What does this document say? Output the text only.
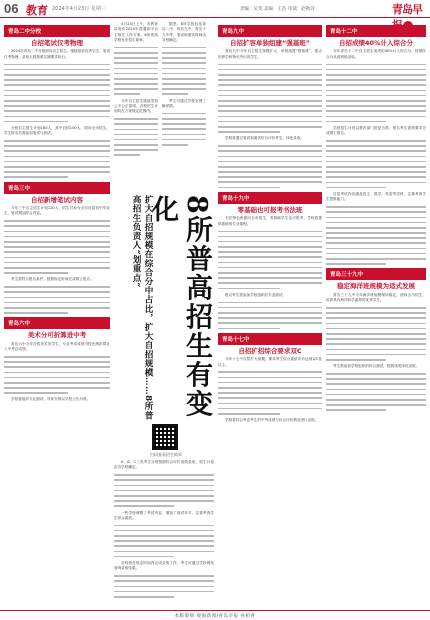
06 教育 2024年4月23日 星期三	责编：吴雯 美编：王浩 审读：赵秋萍	青岛早
青岛二中分校
自招笔试仅考物理

2024年青岛二中分校面向自主招生，继续招收优秀学生，笔试仅考物理，录取人数按照名额要求执行。

分校自主招生计划180人，其中自招100人，面向全市招生。学生报名后需参加笔试与面试。

青岛三中
自招新增笔试内容

今年三中自主招生计划120人，招生对象为全市应届初中毕业生，笔试增加综合内容。

考生需符合报名条件，按照规定时间完成网上报名。

青岛六中
美术分可折算进中考

青岛六中今年自招美术类学生，专业考试成绩可按比例折算计入中考总成绩。

学校将组织专业测试，具体安排以学校公告为准。

4月23日上午，市教育局发布2024年普通高中自主招生工作方案，8所普高学校发布招生简章。

今年自主招生继续坚持公平公正原则，各校招生计划均在方案规定范围内。

据悉，8所学校包括青岛二中、青岛九中、青岛十九中等，笔试和面试时间由各校确定。

考生可通过学校官网了解详情。

扩大自招规模在综合分中占比，扩大自招规模……8所普高招生负责人“划重点”	8所普高招生有变化
扫码查看招生简章

A、B、C三类考生分别按照综合评价成绩录取，招生计划由各学校确定。

一些学校调整了考试内容，增加了面试环节，注重考查学生综合素质。

各校将在规定时间内完成录取工作，考生可通过学校网站查询录取结果。

青岛九中
自招扩容单独组建“强基班”

青岛九中今年自主招生规模扩大，单独组建“强基班”，重点培养学科特长突出的学生。

学校将通过笔试和面试综合评价考生，择优录取。

青岛十九中
零基础也可报考书法班

书法特色班面向全市招生，零基础学生也可报考，学校将提供系统的专业课程。

报名考生需参加学校组织的专业测试。

青岛十七中
自招扩招综合要求双C

今年十七中自招扩大规模，要求考生综合素质评价达到双C及以上。

学校将综合考虑考生的中考成绩与综合评价情况进行录取。

青岛十二中
自招成绩40%计入综合分

今年青岛十二中自主招生成绩的40%计入综合分，按照综合分从高到低录取。

学校招生计划以教育部门批复为准，报名考生需按要求完成网上报名。

自招考试内容涵盖语文、数学、英语等学科，注重考查学生思维能力。

青岛三十九中
稳定海洋班规模为适式发展

青岛三十九中今年海洋班规模保持稳定，面向全市招生，培养具有海洋科学素养的优秀学生。

考生需参加学校组织的综合测试，按照成绩择优录取。

本版策划 观海新闻/青岛早报 孙柏青
